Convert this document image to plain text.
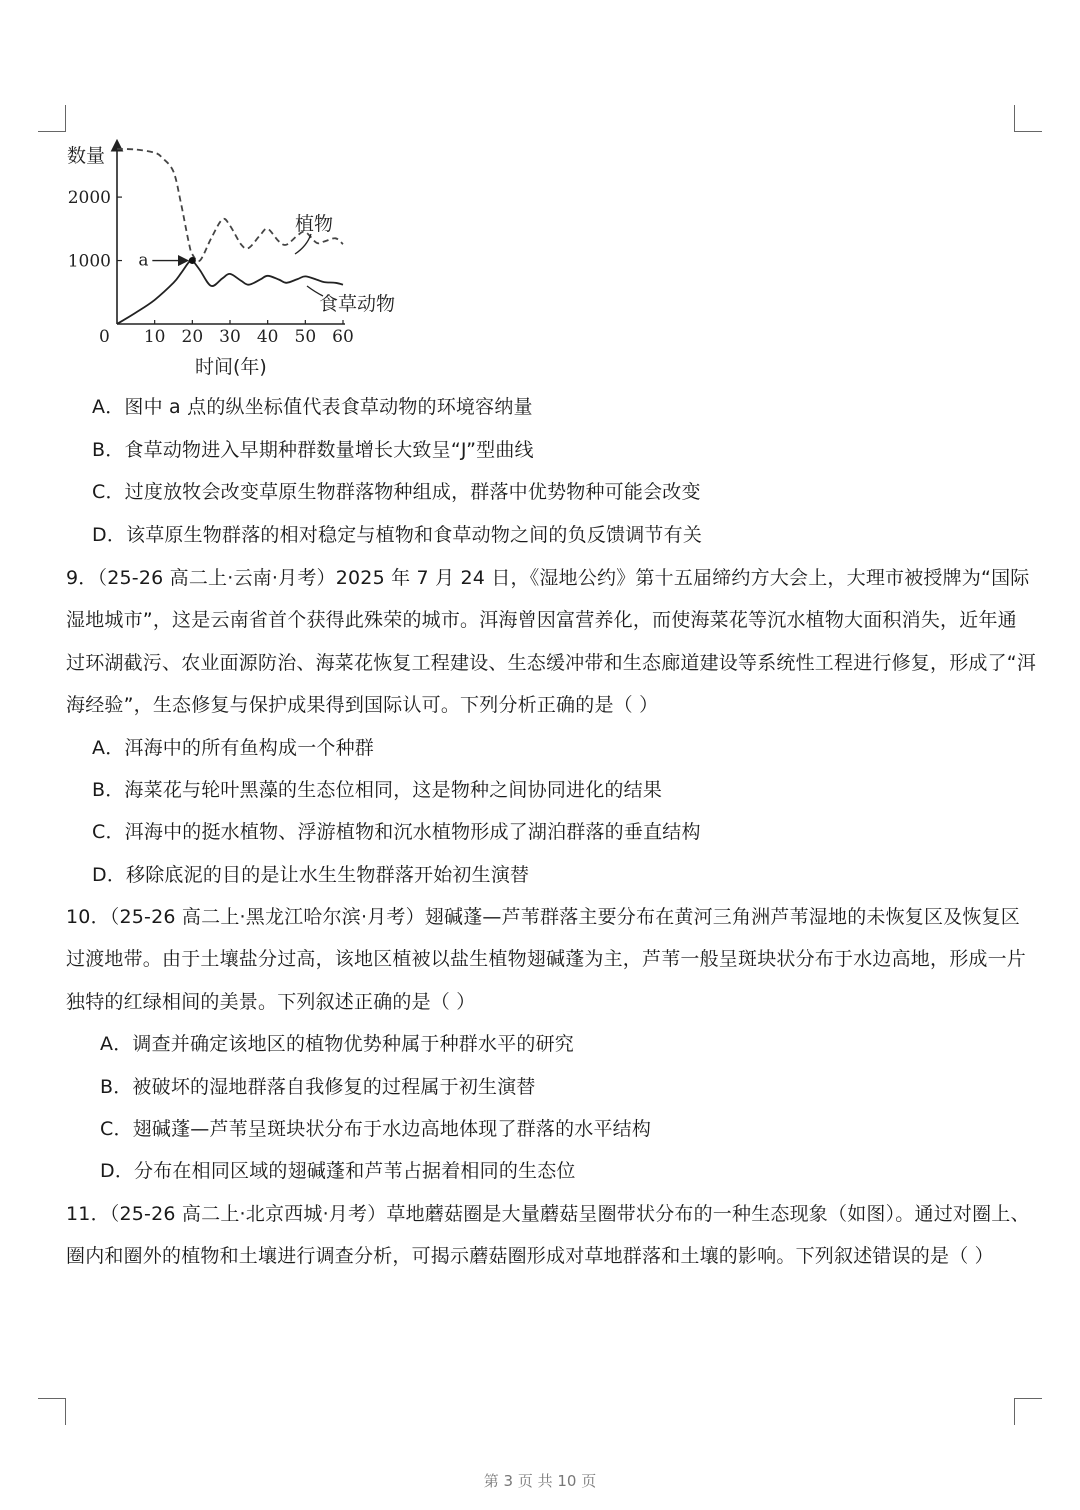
数量
0 10 20 30 40 50 60
1000
2000
植物
食草动物
a
时间(年)
A．图中 a 点的纵坐标值代表食草动物的环境容纳量
B．食草动物进入早期种群数量增长大致呈“J”型曲线
C．过度放牧会改变草原生物群落物种组成，群落中优势物种可能会改变
D．该草原生物群落的相对稳定与植物和食草动物之间的负反馈调节有关
9．（25-26 高二上·云南·月考）2025 年 7 月 24 日，《湿地公约》第十五届缔约方大会上，大理市被授牌为“国际
湿地城市”，这是云南省首个获得此殊荣的城市。洱海曾因富营养化，而使海菜花等沉水植物大面积消失，近年通
过环湖截污、农业面源防治、海菜花恢复工程建设、生态缓冲带和生态廊道建设等系统性工程进行修复，形成了“洱
海经验”，生态修复与保护成果得到国际认可。下列分析正确的是（ ）
A．洱海中的所有鱼构成一个种群
B．海菜花与轮叶黑藻的生态位相同，这是物种之间协同进化的结果
C．洱海中的挺水植物、浮游植物和沉水植物形成了湖泊群落的垂直结构
D．移除底泥的目的是让水生生物群落开始初生演替
10．（25-26 高二上·黑龙江哈尔滨·月考）翅碱蓬—芦苇群落主要分布在黄河三角洲芦苇湿地的未恢复区及恢复区
过渡地带。由于土壤盐分过高，该地区植被以盐生植物翅碱蓬为主，芦苇一般呈斑块状分布于水边高地，形成一片
独特的红绿相间的美景。下列叙述正确的是（ ）
A．调查并确定该地区的植物优势种属于种群水平的研究
B．被破坏的湿地群落自我修复的过程属于初生演替
C．翅碱蓬—芦苇呈斑块状分布于水边高地体现了群落的水平结构
D．分布在相同区域的翅碱蓬和芦苇占据着相同的生态位
11．（25-26 高二上·北京西城·月考）草地蘑菇圈是大量蘑菇呈圈带状分布的一种生态现象（如图）。通过对圈上、
圈内和圈外的植物和土壤进行调查分析，可揭示蘑菇圈形成对草地群落和土壤的影响。下列叙述错误的是（ ）
第 3 页 共 10 页
